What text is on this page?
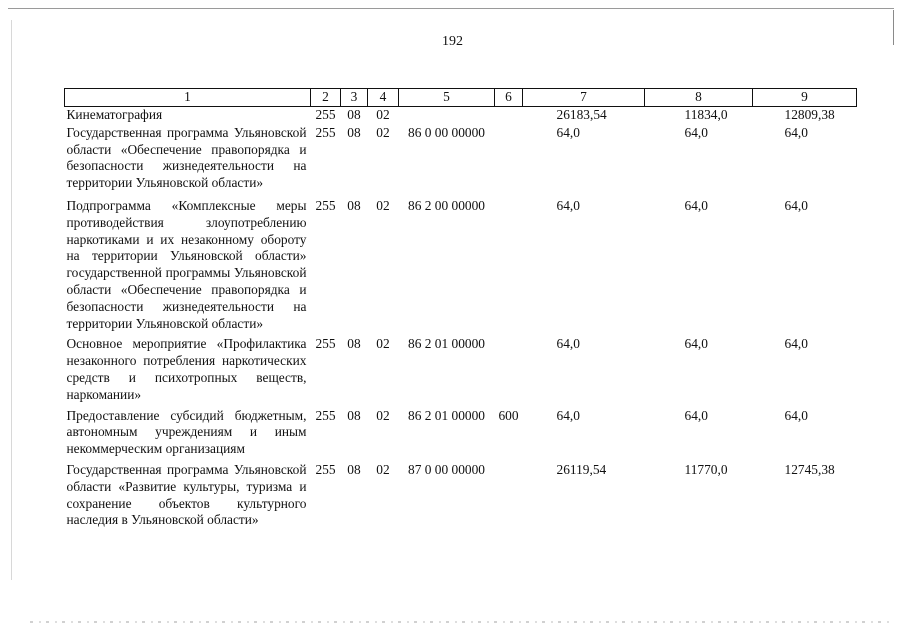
192
1	2	3	4	5	6	7	8	9
Кинематография	255	08	02			26183,54	11834,0	12809,38
Государственная программа Ульяновской области «Обеспечение правопорядка и безопасности жизнедеятельности на территории Ульяновской области»	255	08	02	86 0 00 00000		64,0	64,0	64,0
Подпрограмма «Комплексные меры противодействия злоупотреблению наркотиками и их незаконному обороту на территории Ульяновской области» государственной программы Ульяновской области «Обеспечение правопорядка и безопасности жизнедеятельности на территории Ульяновской области»	255	08	02	86 2 00 00000		64,0	64,0	64,0
Основное мероприятие «Профилактика незаконного потребления наркотических средств и психотропных веществ, наркомании»	255	08	02	86 2 01 00000		64,0	64,0	64,0
Предоставление субсидий бюджетным, автономным учреждениям и иным некоммерческим организациям	255	08	02	86 2 01 00000	600	64,0	64,0	64,0
Государственная программа Ульяновской области «Развитие культуры, туризма и сохранение объектов культурного наследия в Ульяновской области»	255	08	02	87 0 00 00000		26119,54	11770,0	12745,38
